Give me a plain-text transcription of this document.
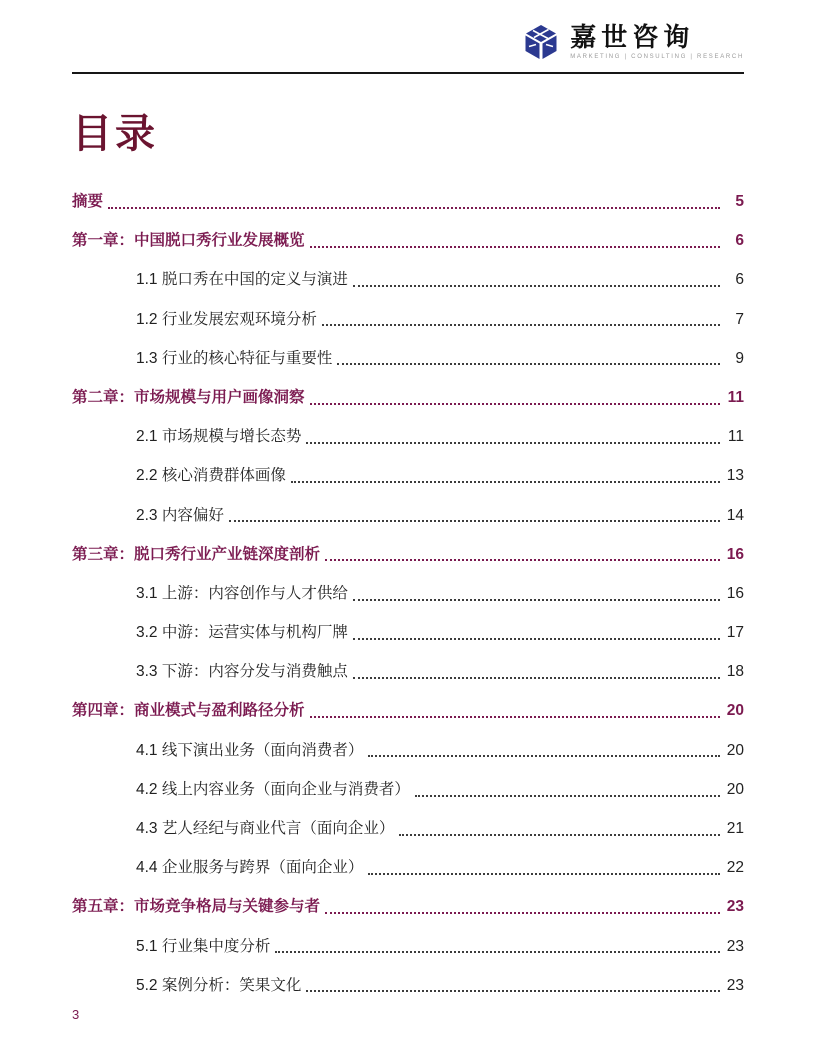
嘉世咨询
MARKETING | CONSULTING | RESEARCH
目录
摘要	5
第一章：中国脱口秀行业发展概览	6
1.1 脱口秀在中国的定义与演进	6
1.2 行业发展宏观环境分析	7
1.3 行业的核心特征与重要性	9
第二章：市场规模与用户画像洞察	11
2.1 市场规模与增长态势	11
2.2 核心消费群体画像	13
2.3 内容偏好	14
第三章：脱口秀行业产业链深度剖析	16
3.1 上游：内容创作与人才供给	16
3.2 中游：运营实体与机构厂牌	17
3.3 下游：内容分发与消费触点	18
第四章：商业模式与盈利路径分析	20
4.1 线下演出业务（面向消费者）	20
4.2 线上内容业务（面向企业与消费者）	20
4.3 艺人经纪与商业代言（面向企业）	21
4.4 企业服务与跨界（面向企业）	22
第五章：市场竞争格局与关键参与者	23
5.1 行业集中度分析	23
5.2 案例分析：笑果文化	23
3
